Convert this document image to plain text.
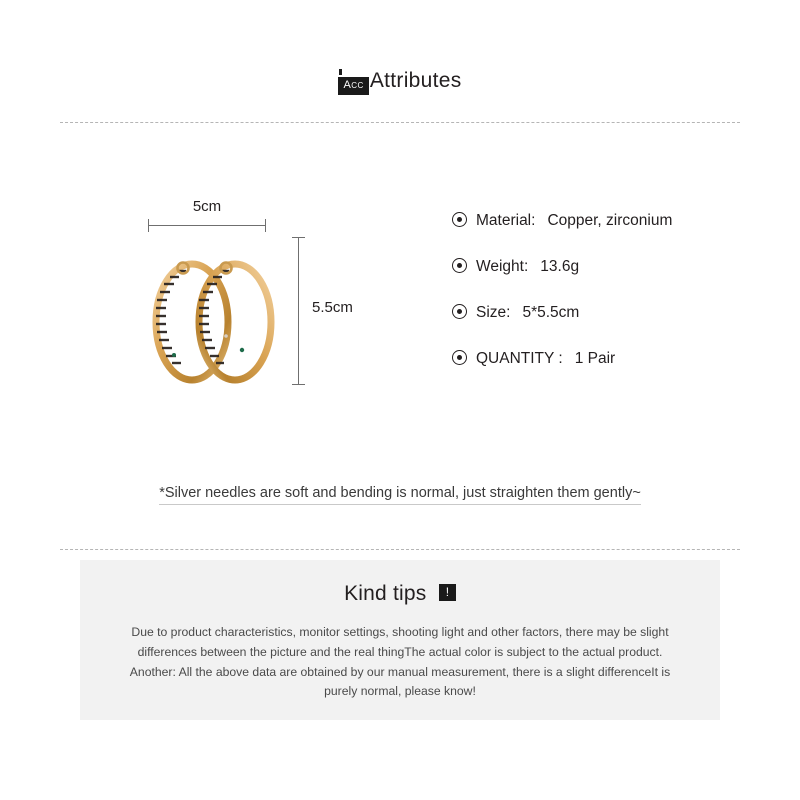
Acc Attributes
5cm
5.5cm
Material: Copper, zirconium
Weight: 13.6g
Size: 5*5.5cm
QUANTITY : 1 Pair
*Silver needles are soft and bending is normal, just straighten them gently~
Kind tips !
Due to product characteristics, monitor settings, shooting light and other factors, there may be slight differences between the picture and the real thingThe actual color is subject to the actual product. Another: All the above data are obtained by our manual measurement, there is a slight differenceIt is purely normal, please know!
